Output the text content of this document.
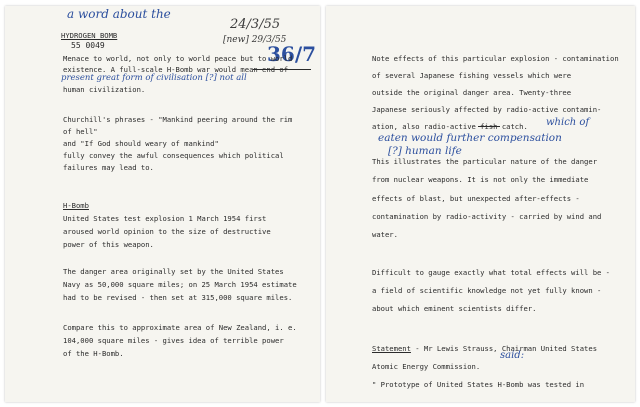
a word about the
24/3/55
[new] 29/3/55
36/7
HYDROGEN BOMB
55 0049
Menace to world, not only to world peace but to world
existence. A full-scale H-Bomb war would mean end of
present great form of civilisation [?] not all
human civilization.
Churchill's phrases - "Mankind peering around the rim
of hell"
and "If God should weary of mankind"
fully convey the awful consequences which political
failures may lead to.
H-Bomb
United States test explosion 1 March 1954 first
aroused world opinion to the size of destructive
power of this weapon.
The danger area originally set by the United States
Navy as 50,000 square miles; on 25 March 1954 estimate
had to be revised - then set at 315,000 square miles.
Compare this to approximate area of New Zealand, i. e.
104,000 square miles - gives idea of terrible power
of the H-Bomb.
Note effects of this particular explosion - contamination
of several Japanese fishing vessels which were
outside the original danger area. Twenty-three
Japanese seriously affected by radio-active contamin-
ation, also radio-active fish catch. which of
eaten would further compensation
[?] human life
This illustrates the particular nature of the danger
from nuclear weapons. It is not only the immediate
effects of blast, but unexpected after-effects -
contamination by radio-activity - carried by wind and
water.
Difficult to gauge exactly what total effects will be -
a field of scientific knowledge not yet fully known -
about which eminent scientists differ.
Statement - Mr Lewis Strauss, Chairman United States
said:
Atomic Energy Commission.
" Prototype of United States H-Bomb was tested in
